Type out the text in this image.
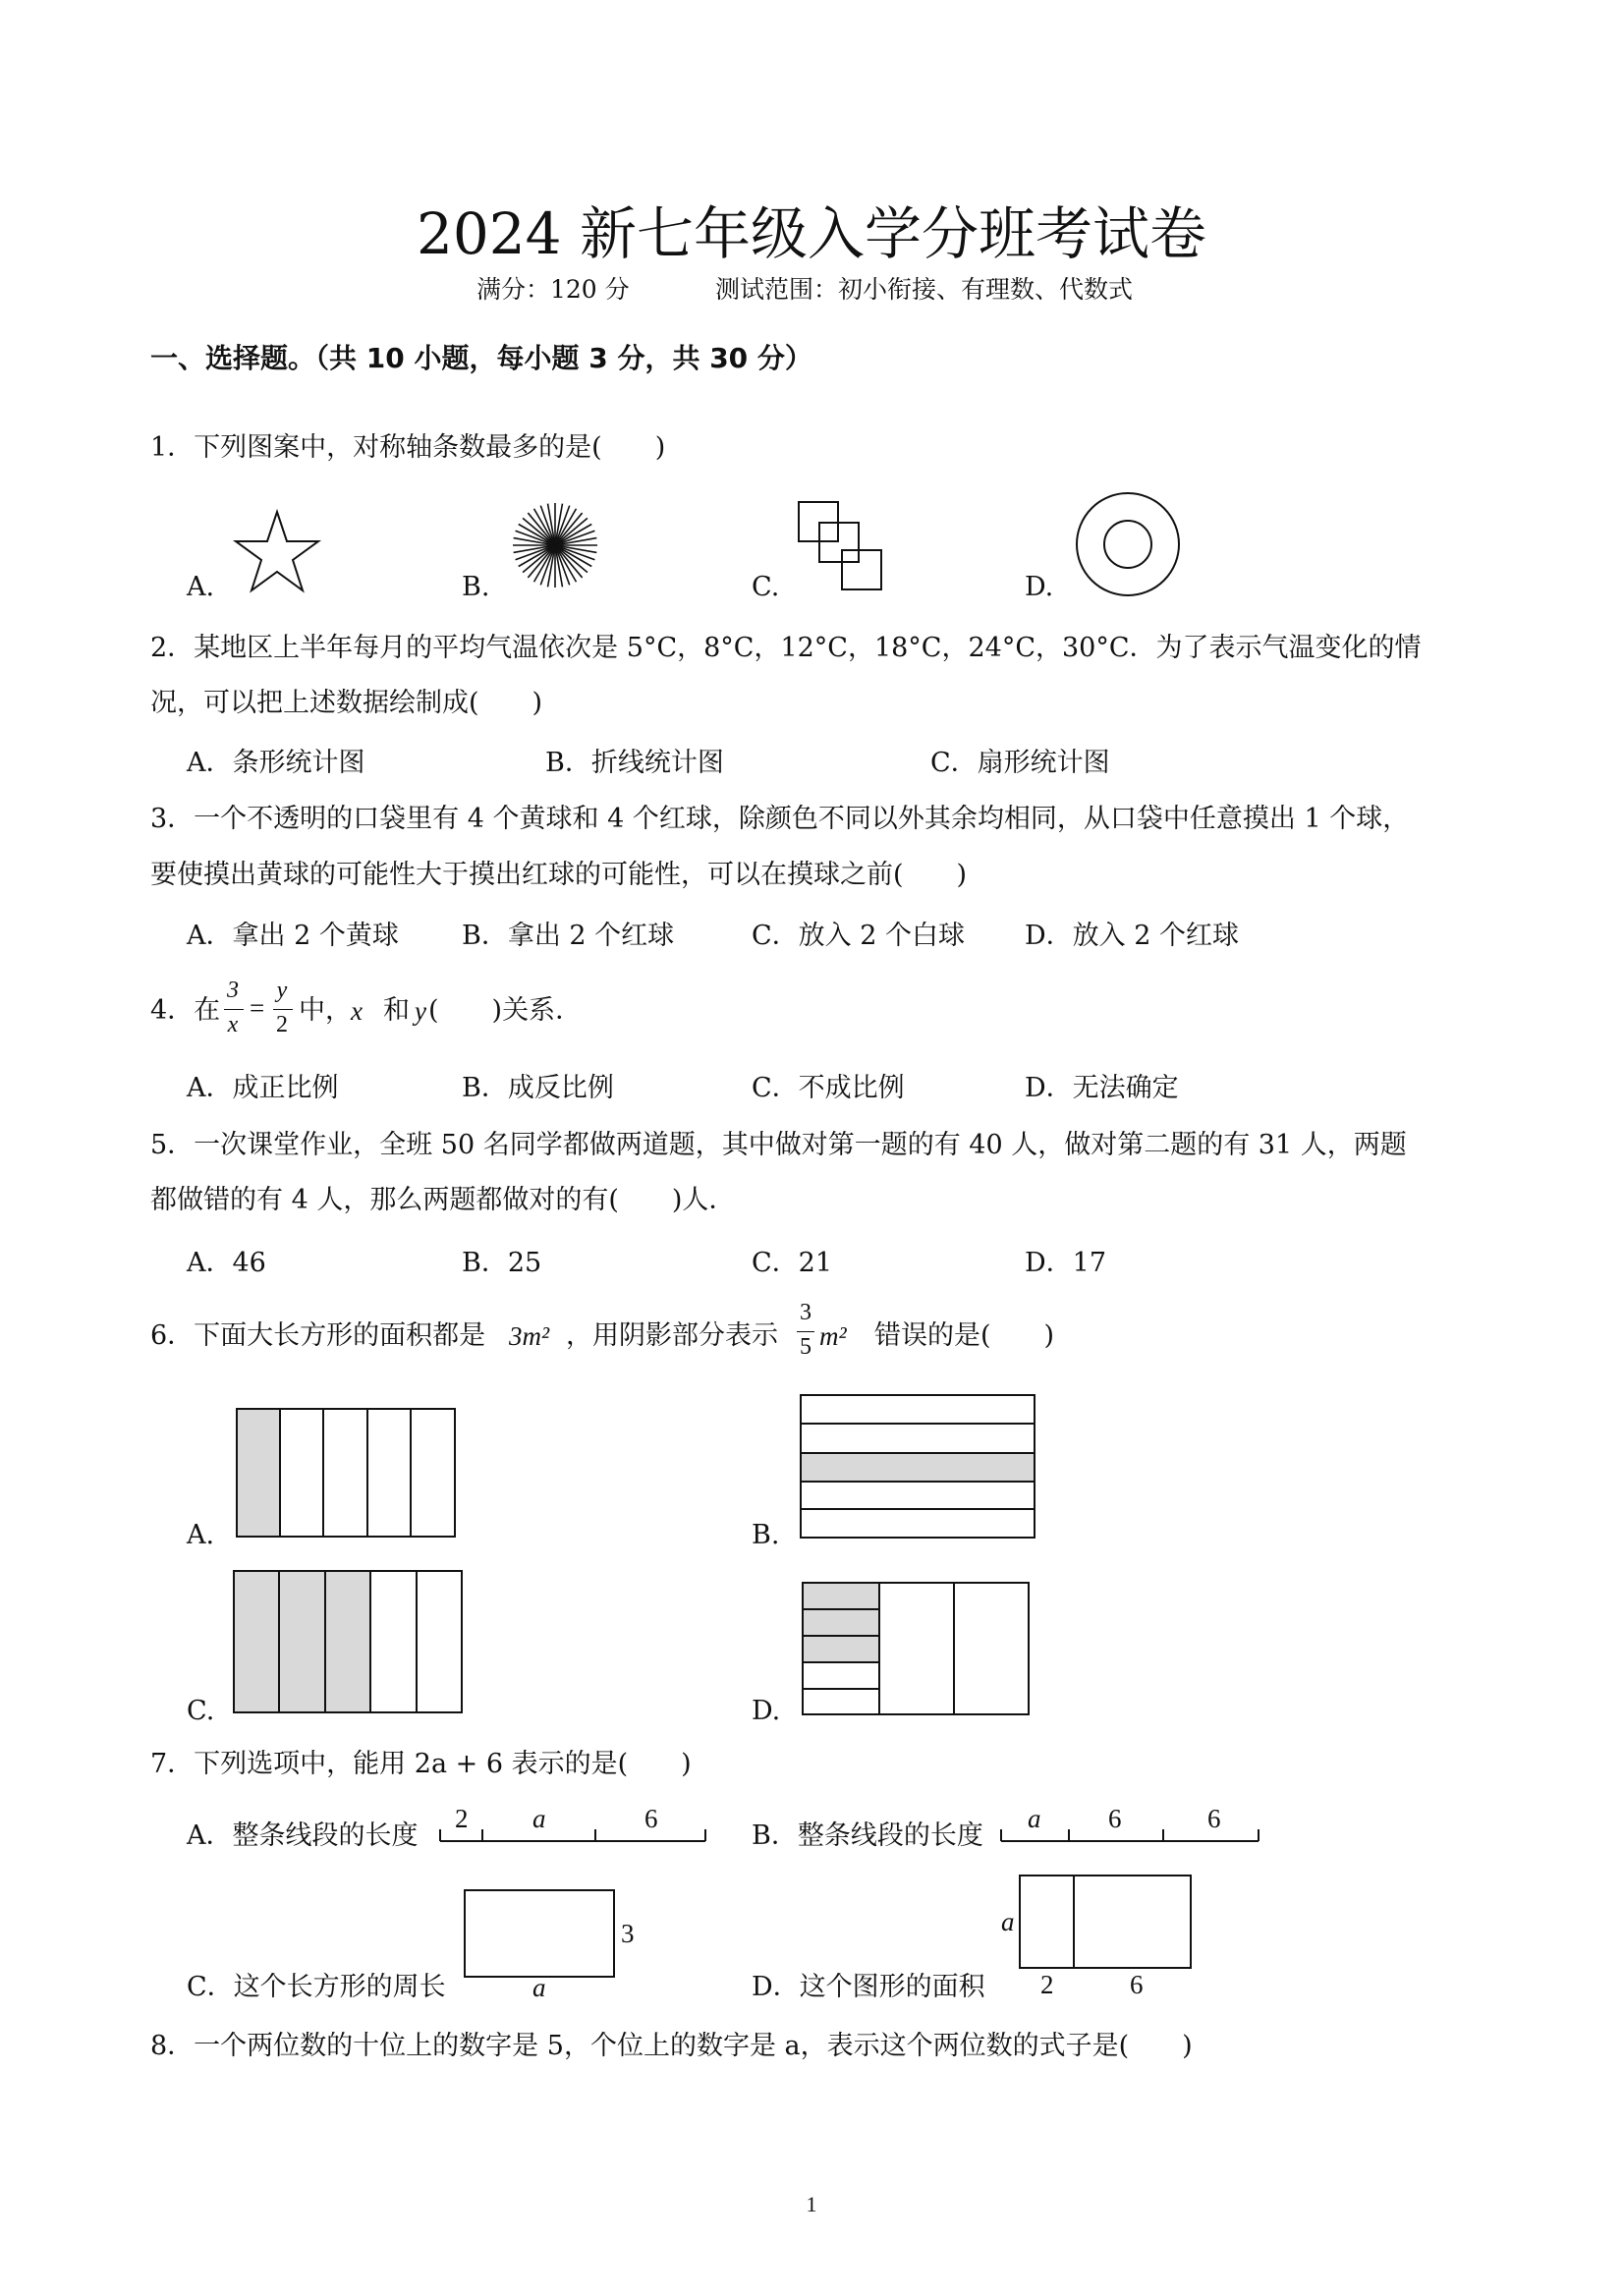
2024 新七年级入学分班考试卷
满分：120 分	测试范围：初小衔接、有理数、代数式
一、选择题。（共 10 小题，每小题 3 分，共 30 分）
1．下列图案中，对称轴条数最多的是(　　)
A.	B.	C.	D.
2．某地区上半年每月的平均气温依次是 5°C，8°C，12°C，18°C，24°C，30°C．为了表示气温变化的情
况，可以把上述数据绘制成(　　)
A．条形统计图	B．折线统计图	C．扇形统计图
3．一个不透明的口袋里有 4 个黄球和 4 个红球，除颜色不同以外其余均相同，从口袋中任意摸出 1 个球，
要使摸出黄球的可能性大于摸出红球的可能性，可以在摸球之前(　　)
A．拿出 2 个黄球 B．拿出 2 个红球	C．放入 2 个白球 D．放入 2 个红球
4．在
3
x
=
y
2 中， x 和 y (　　)关系．
A．成正比例	B．成反比例	C．不成比例	D．无法确定
5．一次课堂作业，全班 50 名同学都做两道题，其中做对第一题的有 40 人，做对第二题的有 31 人，两题
都做错的有 4 人，那么两题都做对的有(　　)人．
A．46	B．25	C．21	D．17
6．下面大长方形的面积都是 3m² ，用阴影部分表示
3
5 m² 错误的是(　　)
A.	B.
C.	D.
7．下列选项中，能用 2a + 6 表示的是(　　)
A．整条线段的长度
2 a	6
B．整条线段的长度
a	6	6
C．这个长方形的周长
3
a	D．这个图形的面积
a
2	6
8．一个两位数的十位上的数字是 5，个位上的数字是 a，表示这个两位数的式子是(　　)
1
